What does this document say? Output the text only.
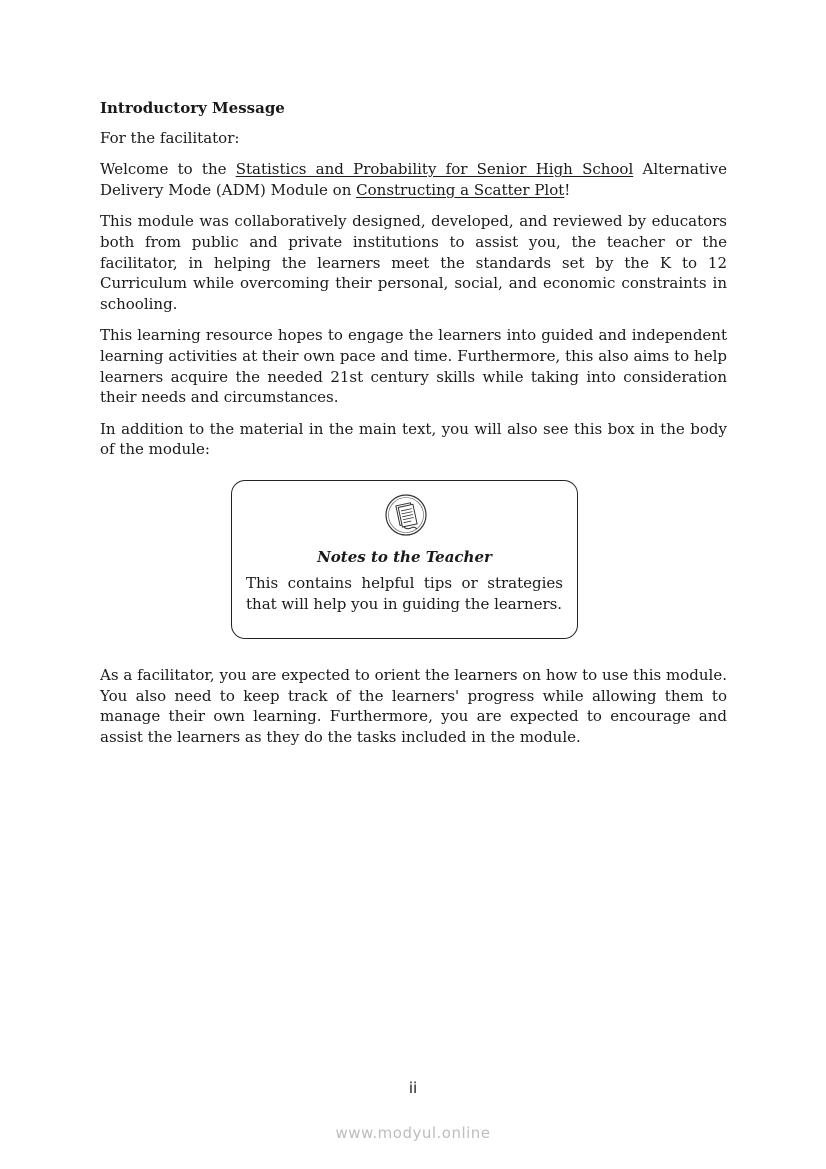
Introductory Message

For the facilitator:

Welcome to the Statistics and Probability for Senior High School Alternative Delivery Mode (ADM) Module on Constructing a Scatter Plot!

This module was collaboratively designed, developed, and reviewed by educators both from public and private institutions to assist you, the teacher or the facilitator, in helping the learners meet the standards set by the K to 12 Curriculum while overcoming their personal, social, and economic constraints in schooling.

This learning resource hopes to engage the learners into guided and independent learning activities at their own pace and time. Furthermore, this also aims to help learners acquire the needed 21st century skills while taking into consideration their needs and circumstances.

In addition to the material in the main text, you will also see this box in the body of the module:

Notes to the Teacher
This contains helpful tips or strategies that will help you in guiding the learners.

As a facilitator, you are expected to orient the learners on how to use this module. You also need to keep track of the learners' progress while allowing them to manage their own learning. Furthermore, you are expected to encourage and assist the learners as they do the tasks included in the module.

ii
www.modyul.online
